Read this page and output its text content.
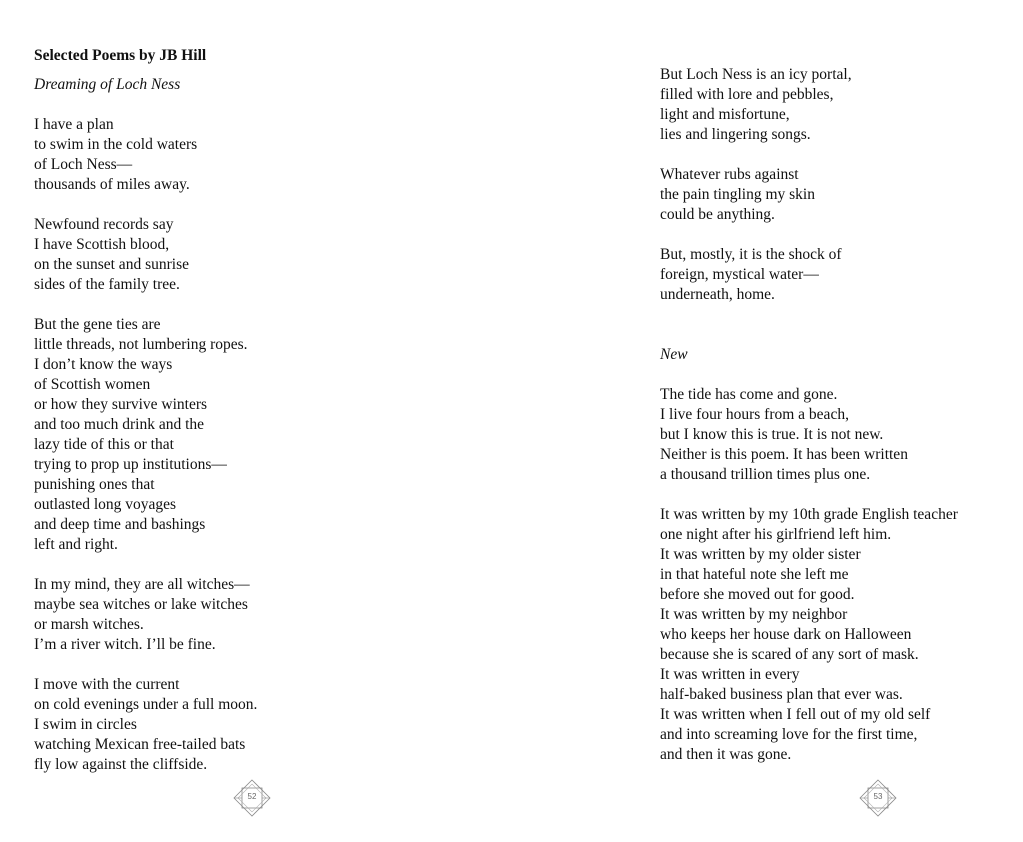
Selected Poems by JB Hill
Dreaming of Loch Ness
I have a plan
to swim in the cold waters
of Loch Ness—
thousands of miles away.
Newfound records say
I have Scottish blood,
on the sunset and sunrise
sides of the family tree.
But the gene ties are
little threads, not lumbering ropes.
I don’t know the ways
of Scottish women
or how they survive winters
and too much drink and the
lazy tide of this or that
trying to prop up institutions—
punishing ones that
outlasted long voyages
and deep time and bashings
left and right.
In my mind, they are all witches—
maybe sea witches or lake witches
or marsh witches.
I’m a river witch. I’ll be fine.
I move with the current
on cold evenings under a full moon.
I swim in circles
watching Mexican free-tailed bats
fly low against the cliffside.
52
But Loch Ness is an icy portal,
filled with lore and pebbles,
light and misfortune,
lies and lingering songs.
Whatever rubs against
the pain tingling my skin
could be anything.
But, mostly, it is the shock of
foreign, mystical water—
underneath, home.
New
The tide has come and gone.
I live four hours from a beach,
but I know this is true. It is not new.
Neither is this poem. It has been written
a thousand trillion times plus one.
It was written by my 10th grade English teacher
one night after his girlfriend left him.
It was written by my older sister
in that hateful note she left me
before she moved out for good.
It was written by my neighbor
who keeps her house dark on Halloween
because she is scared of any sort of mask.
It was written in every
half-baked business plan that ever was.
It was written when I fell out of my old self
and into screaming love for the first time,
and then it was gone.
53
